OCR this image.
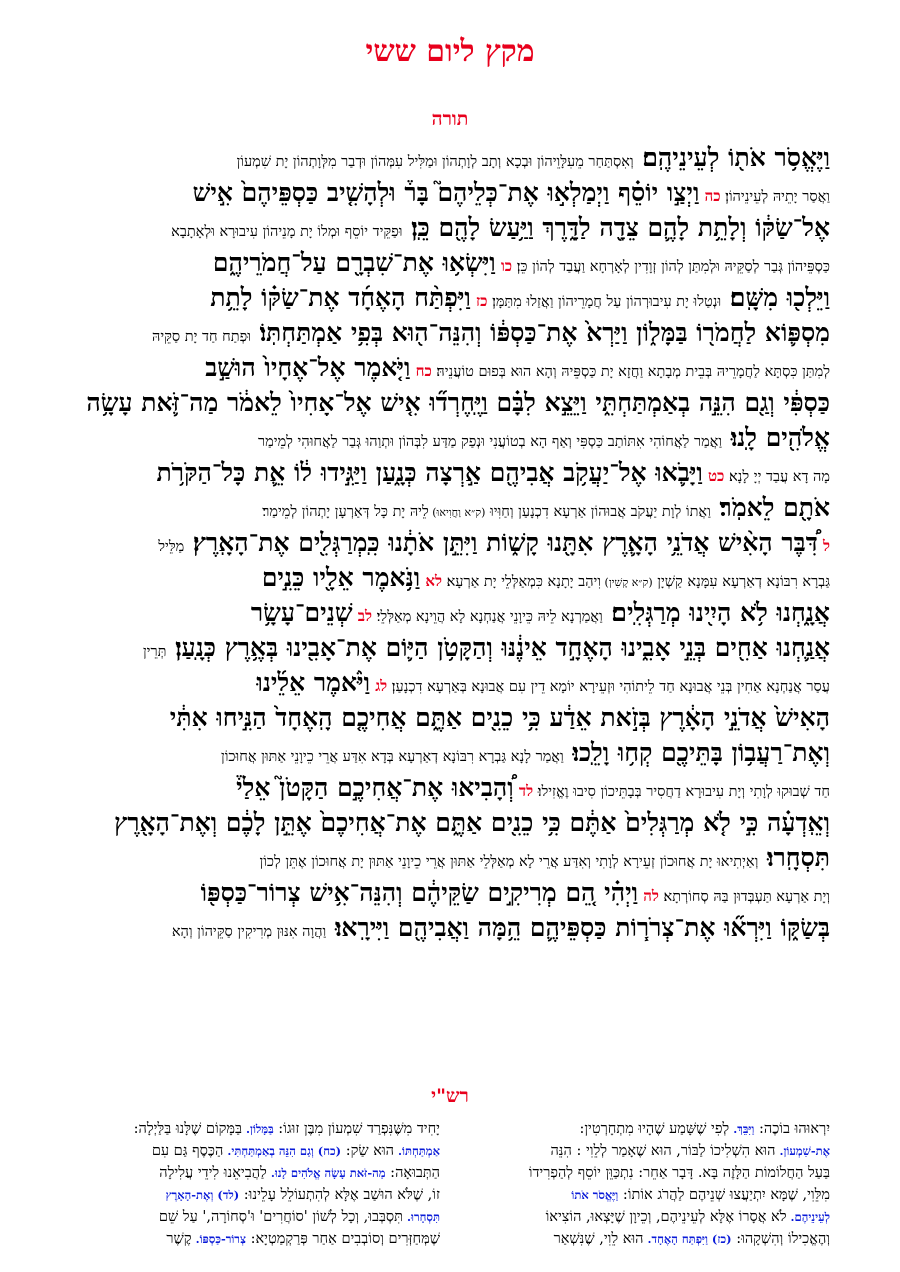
מקץ ליום ששי
תורה
וַיֶּאֱסֹ֥ר אֹת֖וֹ לְעֵינֵיהֶֽם׃ וְאִסְתַּחַר מֵעִלָּוֵיהוֹן וּבְכָא וְתָב לְוָתְהוֹן וּמַלִּיל עִמְּהוֹן וּדְבַר מִלְּוָתְהוֹן יָת שִׁמְעוֹן
וַאֲסַר יָתֵיהּ לְעֵינֵיהוֹן׃ כה וַיְצַ֣ו יוֹסֵ֗ף וַיְמַלְא֣וּ אֶת־כְּלֵיהֶם֮ בָּר֒ וּלְהָשִׁ֤יב כַּסְפֵּיהֶם֙ אִ֣ישׁ
אֶל־שַׂקּ֔וֹ וְלָתֵ֥ת לָהֶ֛ם צֵדָ֖ה לַדָּ֑רֶךְ וַיַּ֥עַשׂ לָהֶ֖ם כֵּֽן׃ וּפַקֵּיד יוֹסֵף וּמְלוֹ יָת מָנֵיהוֹן עִיבוּרָא וּלְאָתָבָא
כַּסְפֵּיהוֹן גְּבַר לְסַקֵּיהּ וּלְמִתַּן לְהוֹן זְוָדִין לְאָרְחָא וַעֲבַד לְהוֹן כֵּן׃ כו וַיִּשְׂא֥וּ אֶת־שִׁבְרָ֖ם עַל־חֲמֹרֵיהֶ֑ם
וַיֵּלְכ֖וּ מִשָּֽׁם׃ וּנְטַלוּ יָת עִיבוּרְהוֹן עַל חֲמָרֵיהוֹן וַאֲזַלוּ מִתַּמָּן׃ כז וַיִּפְתַּ֨ח הָאֶחָ֜ד אֶת־שַׂקּ֗וֹ לָתֵ֥ת
מִסְפּ֛וֹא לַחֲמֹר֖וֹ בַּמָּל֑וֹן וַיַּרְא֙ אֶת־כַּסְפּ֔וֹ וְהִנֵּה־ה֖וּא בְּפִ֥י אַמְתַּחְתּֽוֹ׃ וּפְתַח חַד יָת סַקֵּיהּ
לְמִתַּן כִּסְתָּא לַחֲמָרֵיהּ בְּבֵית מְבָתָא וַחֲזָא יָת כַּסְפֵּיהּ וְהָא הוּא בְּפוּם טוֹעֲנֵיהּ׃ כח וַיֹּ֤אמֶר אֶל־אֶחָיו֙ הוּשַׁ֣ב
כַּסְפִּ֔י וְגַ֖ם הִנֵּ֣ה בְאַמְתַּחְתִּ֑י וַיֵּצֵ֣א לִבָּ֗ם וַיֶּֽחֶרְד֞וּ אִ֤ישׁ אֶל־אָחִיו֙ לֵאמֹ֔ר מַה־זֹּ֛את עָשָׂ֥ה
אֱלֹהִ֖ים לָֽנוּ׃ וַאֲמַר לַאֲחוֹהִי אִתּוֹתַב כַּסְפִּי וְאַף הָא בְטוֹעֲנִי וּנְפַק מַדַּע לִבְּהוֹן וּתְוַהוּ גְּבַר לַאֲחוּהִי לְמֵימַר
מָה דָא עֲבַד יְיָ לָנָא׃ כט וַיָּבֹ֛אוּ אֶל־יַעֲקֹ֥ב אֲבִיהֶ֖ם אַ֣רְצָה כְּנָ֑עַן וַיַּגִּ֣ידוּ ל֔וֹ אֵ֛ת כָּל־הַקֹּרֹ֥ת
אֹתָ֖ם לֵאמֹֽר׃ וַאֲתוֹ לְוָת יַעֲקֹב אֲבוּהוֹן אַרְעָא דִכְנָעַן וְחַוִּיוּ (ק״א וַחֲוִיאוּ) לֵיהּ יָת כָּל דְּאַרְעָן יָתְהוֹן לְמֵימַר׃
ל דִּ֠בֶּר הָאִ֨ישׁ אֲדֹנֵ֥י הָאָ֛רֶץ אִתָּ֖נוּ קָשׁ֑וֹת וַיִּתֵּ֣ן אֹתָ֔נוּ כִּֽמְרַגְּלִ֖ים אֶת־הָאָֽרֶץ׃ מַלֵּיל
גַּבְרָא רִבּוֹנָא דְאַרְעָא עִמָּנָא קַשְׁיָן (ק״א קָשִׁין) וִיהַב יָתָנָא כִּמְאַלְּלֵי יָת אַרְעָא׃ לא וַנֹּ֥אמֶר אֵלָ֖יו כֵּנִ֣ים
אֲנָ֑חְנוּ לֹ֥א הָיִ֖ינוּ מְרַגְּלִֽים׃ וַאֲמַרְנָא לֵיהּ כֵּיוָנֵי אֲנַחְנָא לָא הֲוֵינָא מְאַלְּלֵי׃ לב שְׁנֵים־עָשָׂ֥ר
אֲנַ֛חְנוּ אַחִ֖ים בְּנֵ֣י אָבִ֑ינוּ הָאֶחָ֣ד אֵינֶ֔נּוּ וְהַקָּטֹ֥ן הַיּ֛וֹם אֶת־אָבִ֖ינוּ בְּאֶ֥רֶץ כְּנָֽעַן׃ תְּרֵין
עֲסַר אֲנַחְנָא אַחִין בְּנֵי אֲבוּנָא חַד לֵיתוֹהִי וּזְעֵירָא יוֹמָא דֵין עִם אֲבוּנָא בְּאַרְעָא דִכְנָעַן׃ לג וַיֹּ֨אמֶר אֵלֵ֜ינוּ
הָאִישׁ֙ אֲדֹנֵ֣י הָאָ֔רֶץ בְּזֹ֣את אֵדַ֔ע כִּ֥י כֵנִ֖ים אַתֶּ֑ם אֲחִיכֶ֤ם הָֽאֶחָד֙ הַנִּ֣יחוּ אִתִּ֔י
וְאֶת־רַעֲב֥וֹן בָּתֵּיכֶ֖ם קְח֥וּ וָלֵֽכוּ׃ וַאֲמַר לָנָא גַּבְרָא רִבּוֹנָא דְאַרְעָא בְּדָא אִדַּע אֲרֵי כֵיוָנֵי אַתּוּן אֲחוּכוֹן
חַד שְׁבוּקוּ לְוָתִי וְיָת עִיבוּרָא דַחֲסִיר בְּבָתֵּיכוֹן סִיבוּ וֶאֱזִילוּ׃ לד וְ֠הָבִיאוּ אֶת־אֲחִיכֶ֣ם הַקָּטֹן֮ אֵלַי֒
וְאֵֽדְעָ֗ה כִּ֣י לֹ֤א מְרַגְּלִים֙ אַתֶּ֔ם כִּ֥י כֵנִ֖ים אַתֶּ֑ם אֶת־אֲחִיכֶם֙ אֶתֵּ֣ן לָכֶ֔ם וְאֶת־הָאָ֖רֶץ
תִּסְחָֽרוּ׃ וְאַיְתִיאוּ יָת אֲחוּכוֹן זְעֵירָא לְוָתִי וְאִדַּע אֲרֵי לָא מְאַלְּלֵי אַתּוּן אֲרֵי כֵיוָנֵי אַתּוּן יָת אֲחוּכוֹן אֶתֵּן לְכוֹן
וְיָת אַרְעָא תַּעְבְּדוּן בַּהּ סְחוֹרְתָא׃ לה וַיְהִ֗י הֵ֚ם מְרִיקִ֣ים שַׂקֵּיהֶ֔ם וְהִנֵּה־אִ֥ישׁ צְרוֹר־כַּסְפּ֖וֹ
בְּשַׂקּ֑וֹ וַיִּרְא֞וּ אֶת־צְרֹר֧וֹת כַּסְפֵּיהֶ֛ם הֵ֥מָּה וַאֲבִיהֶ֖ם וַיִּירָֽאוּ׃ וַהֲוָה אִנּוּן מְרִיקִין סַקֵּיהוֹן וְהָא
רש"י
יִרְאוּהוּ בוֹכֶה: וַיִּבֵּךְ. לְפִי שֶׁשָּׁמַע שֶׁהָיוּ מִתְחָרְטִין:
אֶת-שִׁמְעוֹן. הוּא הִשְׁלִיכוֹ לַבּוֹר, הוּא שֶׁאָמַר לְלֵוִי : הִנֵּה
בַּעַל הַחֲלוֹמוֹת הַלָּזֶה בָּא. דָּבָר אַחֵר: נִתְכַּוֵּן יוֹסֵף לְהַפְרִידוֹ
מִלֵּוִי, שֶׁמָּא יִתְיַעֲצוּ שְׁנֵיהֶם לַהֲרֹג אוֹתוֹ: וַיֶּאֱסֹר אֹתוֹ
לְעֵינֵיהֶם. לֹא אֲסָרוֹ אֶלָּא לְעֵינֵיהֶם, וְכֵיוָן שֶׁיָּצְאוּ, הוֹצִיאוֹ
וְהֶאֱכִילוֹ וְהִשְׁקָהוּ: (כז) וַיִּפְתַּח הָאֶחָד. הוּא לֵוִי, שֶׁנִּשְׁאַר
יָחִיד מִשֶּׁנִּפְרַד שִׁמְעוֹן מִבֶּן זוּגוֹ: בַּמָּלוֹן. בַּמָּקוֹם שֶׁלָּנוּ בַּלַּיְלָה:
אַמְתַּחְתּוֹ. הוּא שַׂק: (כח) וְגַם הִנֵּה בְאַמְתַּחְתִּי. הַכֶּסֶף גַּם עִם
הַתְּבוּאָה: מַה-זֹּאת עָשָׂה אֱלֹהִים לָנוּ. לַהֲבִיאֵנוּ לִידֵי עֲלִילָה
זוֹ, שֶׁלֹּא הוּשַׁב אֶלָּא לְהִתְעוֹלֵל עָלֵינוּ: (לד) וְאֶת-הָאָרֶץ
תִּסְחָרוּ. תִּסְבְּבוּ, וְכָל לְשׁוֹן 'סוֹחֲרִים' וּ'סְחוֹרָה,' עַל שֵׁם
שֶׁמְּחַזְּרִים וְסוֹבְבִים אַחַר פְּרַקְמַטְיָא: צְרוֹר-כַּסְפּוֹ. קֶשֶׁר
